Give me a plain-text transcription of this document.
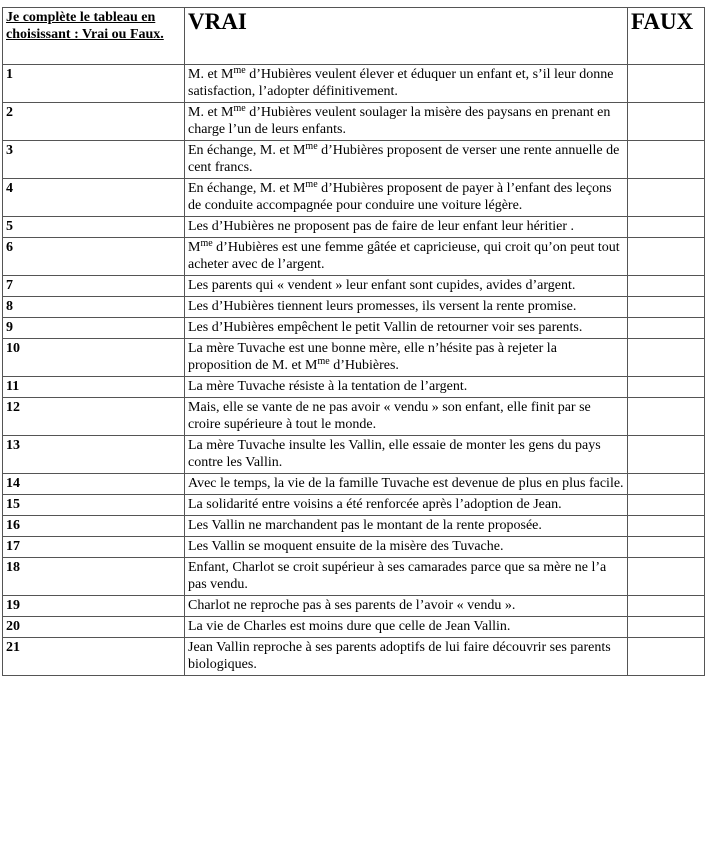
Je complète le tableau en choisissant : Vrai ou Faux.	VRAI	FAUX
1	M. et $M^{me}$ d’Hubières veulent élever et éduquer un enfant et, s’il leur donne satisfaction, l’adopter définitivement.	
2	M. et $M^{me}$ d’Hubières veulent soulager la misère des paysans en prenant en charge l’un de leurs enfants.	
3	En échange, M. et $M^{me}$ d’Hubières proposent de verser une rente annuelle de cent francs.	
4	En échange, M. et $M^{me}$ d’Hubières proposent de payer à l’enfant des leçons de conduite accompagnée pour conduire une voiture légère.	
5	Les d’Hubières ne proposent pas de faire de leur enfant leur héritier .	
6	$M^{me}$ d’Hubières est une femme gâtée et capricieuse, qui croit qu’on peut tout acheter avec de l’argent.	
7	Les parents qui « vendent » leur enfant sont cupides, avides d’argent.	
8	Les d’Hubières tiennent leurs promesses, ils versent la rente promise.	
9	Les d’Hubières empêchent le petit Vallin de retourner voir ses parents.	
10	La mère Tuvache est une bonne mère, elle n’hésite pas à rejeter la proposition de M. et $M^{me}$ d’Hubières.	
11	La mère Tuvache résiste à la tentation de l’argent.	
12	Mais, elle se vante de ne pas avoir « vendu » son enfant, elle finit par se croire supérieure à tout le monde.	
13	La mère Tuvache insulte les Vallin, elle essaie de monter les gens du pays contre les Vallin.	
14	Avec le temps, la vie de la famille Tuvache est devenue de plus en plus facile.	
15	La solidarité entre voisins a été renforcée après l’adoption de Jean.	
16	Les Vallin ne marchandent pas le montant de la rente proposée.	
17	Les Vallin se moquent ensuite de la misère des Tuvache.	
18	Enfant, Charlot se croit supérieur à ses camarades parce que sa mère ne l’a pas vendu.	
19	Charlot ne reproche pas à ses parents de l’avoir « vendu ».	
20	La vie de Charles est moins dure que celle de Jean Vallin.	
21	Jean Vallin reproche à ses parents adoptifs de lui faire découvrir ses parents biologiques.	
